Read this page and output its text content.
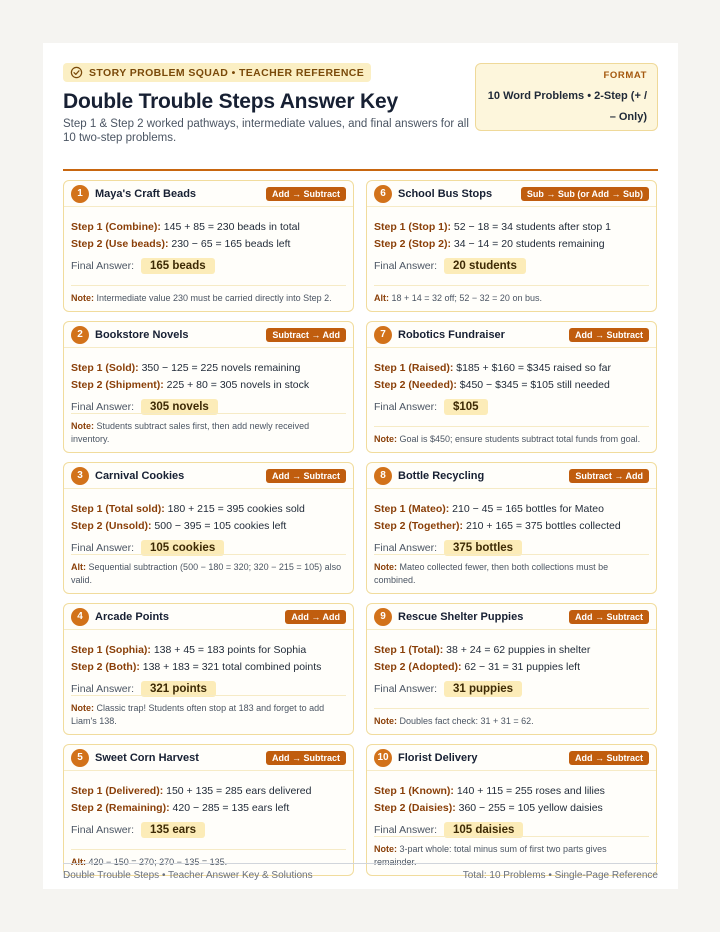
STORY PROBLEM SQUAD • TEACHER REFERENCE
Double Trouble Steps Answer Key
Step 1 & Step 2 worked pathways, intermediate values, and final answers for all 10 two-step problems.
FORMAT
10 Word Problems • 2-Step (+ / – Only)
1	Maya's Craft Beads	Add → Subtract
Step 1 (Combine): 145 + 85 = 230 beads in total
Step 2 (Use beads): 230 − 65 = 165 beads left
Final Answer:	165 beads
Note: Intermediate value 230 must be carried directly into Step 2.
6	School Bus Stops	Sub → Sub (or Add → Sub)
Step 1 (Stop 1): 52 − 18 = 34 students after stop 1
Step 2 (Stop 2): 34 − 14 = 20 students remaining
Final Answer:	20 students
Alt: 18 + 14 = 32 off; 52 − 32 = 20 on bus.
2	Bookstore Novels	Subtract → Add
Step 1 (Sold): 350 − 125 = 225 novels remaining
Step 2 (Shipment): 225 + 80 = 305 novels in stock
Final Answer:	305 novels
Note: Students subtract sales first, then add newly received inventory.
7	Robotics Fundraiser	Add → Subtract
Step 1 (Raised): $185 + $160 = $345 raised so far
Step 2 (Needed): $450 − $345 = $105 still needed
Final Answer:	$105
Note: Goal is $450; ensure students subtract total funds from goal.
3	Carnival Cookies	Add → Subtract
Step 1 (Total sold): 180 + 215 = 395 cookies sold
Step 2 (Unsold): 500 − 395 = 105 cookies left
Final Answer:	105 cookies
Alt: Sequential subtraction (500 − 180 = 320; 320 − 215 = 105) also valid.
8	Bottle Recycling	Subtract → Add
Step 1 (Mateo): 210 − 45 = 165 bottles for Mateo
Step 2 (Together): 210 + 165 = 375 bottles collected
Final Answer:	375 bottles
Note: Mateo collected fewer, then both collections must be combined.
4	Arcade Points	Add → Add
Step 1 (Sophia): 138 + 45 = 183 points for Sophia
Step 2 (Both): 138 + 183 = 321 total combined points
Final Answer:	321 points
Note: Classic trap! Students often stop at 183 and forget to add Liam's 138.
9	Rescue Shelter Puppies	Add → Subtract
Step 1 (Total): 38 + 24 = 62 puppies in shelter
Step 2 (Adopted): 62 − 31 = 31 puppies left
Final Answer:	31 puppies
Note: Doubles fact check: 31 + 31 = 62.
5	Sweet Corn Harvest	Add → Subtract
Step 1 (Delivered): 150 + 135 = 285 ears delivered
Step 2 (Remaining): 420 − 285 = 135 ears left
Final Answer:	135 ears
Alt: 420 − 150 = 270; 270 − 135 = 135.
10 Florist Delivery	Add → Subtract
Step 1 (Known): 140 + 115 = 255 roses and lilies
Step 2 (Daisies): 360 − 255 = 105 yellow daisies
Final Answer:	105 daisies
Note: 3-part whole: total minus sum of first two parts gives remainder.
Double Trouble Steps • Teacher Answer Key & Solutions	Total: 10 Problems • Single-Page Reference
